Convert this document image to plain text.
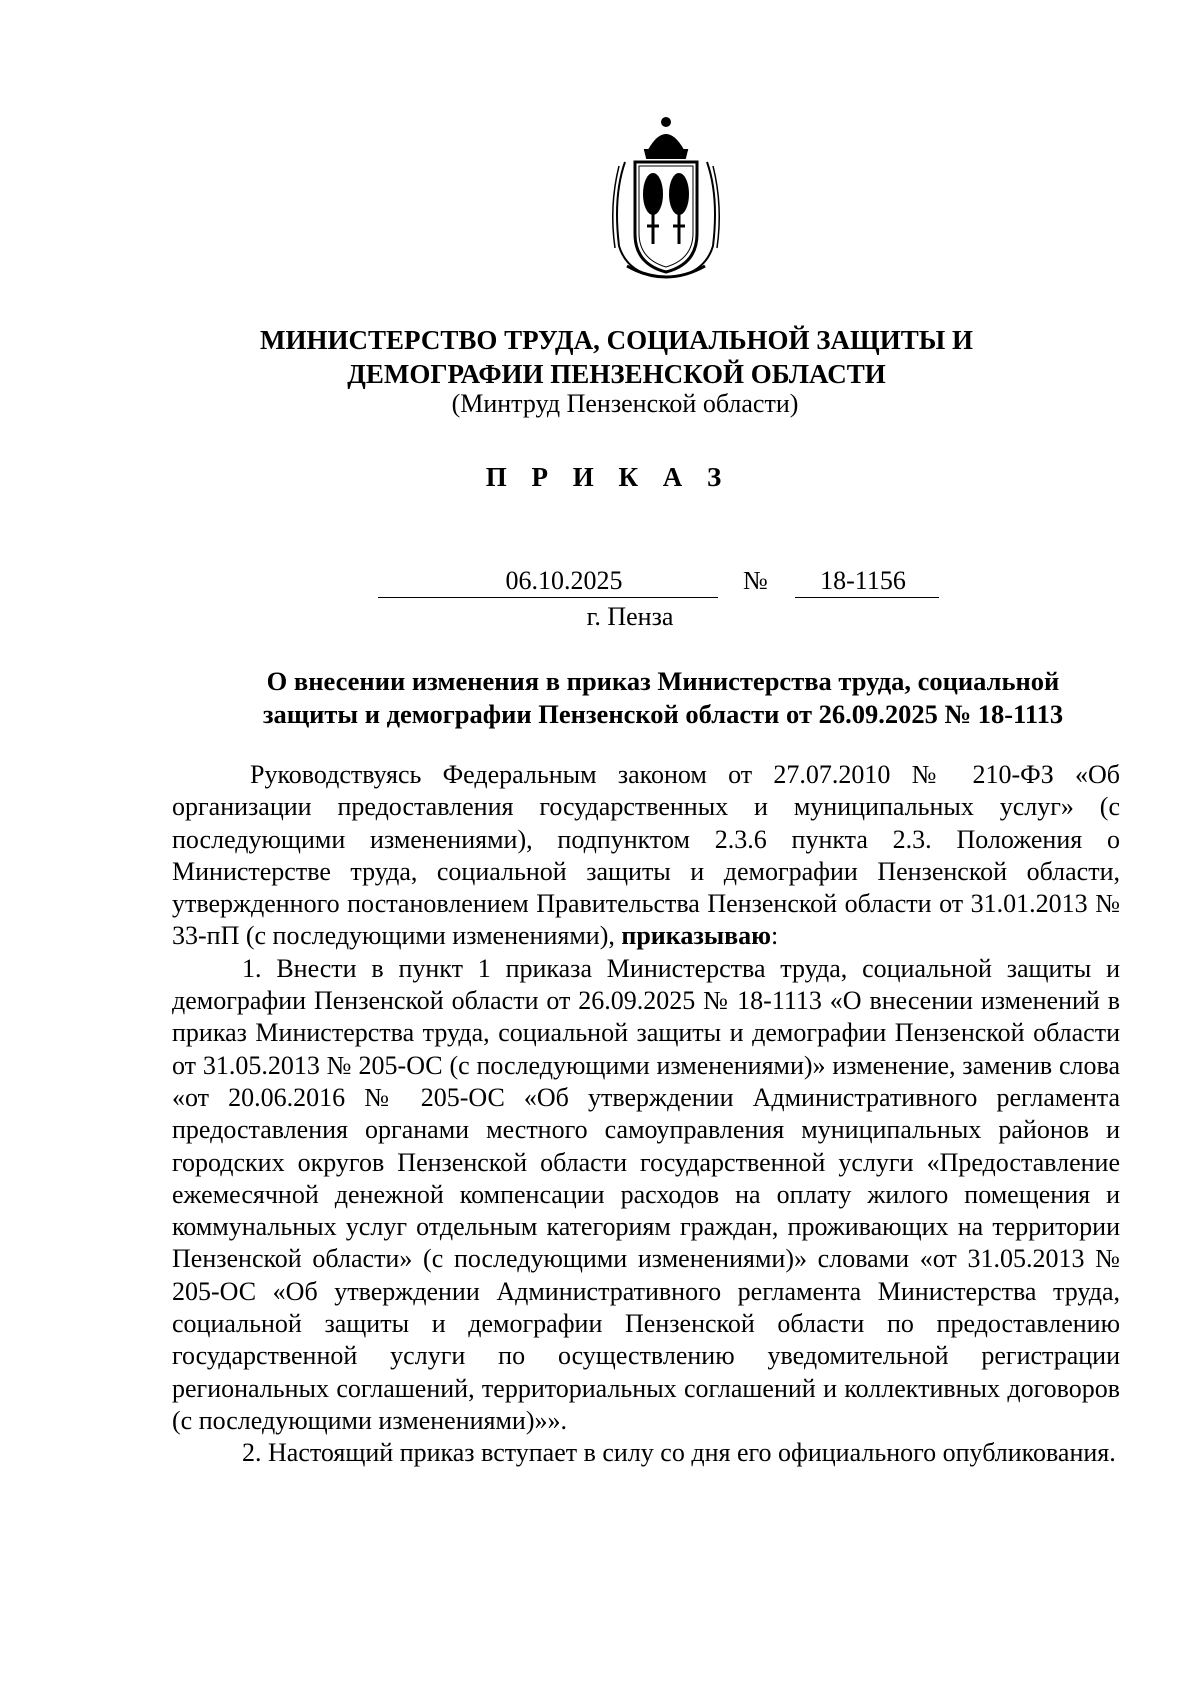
МИНИСТЕРСТВО ТРУДА, СОЦИАЛЬНОЙ ЗАЩИТЫ И
ДЕМОГРАФИИ ПЕНЗЕНСКОЙ ОБЛАСТИ
(Минтруд Пензенской области)
П Р И К А З
06.10.2025	№	18-1156
г. Пенза
О внесении изменения в приказ Министерства труда, социальной
защиты и демографии Пензенской области от 26.09.2025 № 18-1113

Руководствуясь Федеральным законом от 27.07.2010 № 210-ФЗ «Об организации предоставления государственных и муниципальных услуг» (с последующими изменениями), подпунктом 2.3.6 пункта 2.3. Положения о Министерстве труда, социальной защиты и демографии Пензенской области, утвержденного постановлением Правительства Пензенской области от 31.01.2013 № 33-пП (с последующими изменениями), приказываю:

1. Внести в пункт 1 приказа Министерства труда, социальной защиты и демографии Пензенской области от 26.09.2025 № 18-1113 «О внесении изменений в приказ Министерства труда, социальной защиты и демографии Пензенской области от 31.05.2013 № 205-ОС (с последующими изменениями)» изменение, заменив слова «от 20.06.2016 № 205-ОС «Об утверждении Административного регламента предоставления органами местного самоуправления муниципальных районов и городских округов Пензенской области государственной услуги «Предоставление ежемесячной денежной компенсации расходов на оплату жилого помещения и коммунальных услуг отдельным категориям граждан, проживающих на территории Пензенской области» (с последующими изменениями)» словами «от 31.05.2013 № 205-ОС «Об утверждении Административного регламента Министерства труда, социальной защиты и демографии Пензенской области по предоставлению государственной услуги по осуществлению уведомительной регистрации региональных соглашений, территориальных соглашений и коллективных договоров (с последующими изменениями)»».

2. Настоящий приказ вступает в силу со дня его официального опубликования.
